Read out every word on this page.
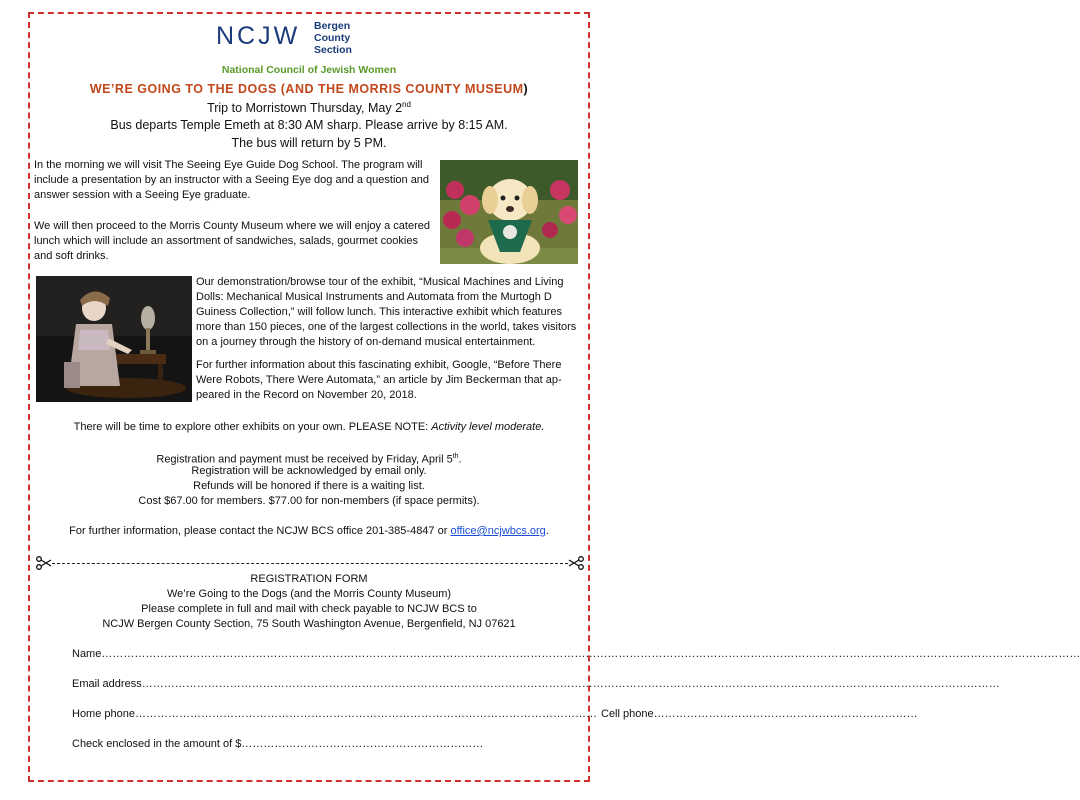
NCJW Bergen
County
Section
National Council of Jewish Women
WE’RE GOING TO THE DOGS (AND THE MORRIS COUNTY MUSEUM)
Trip to Morristown Thursday, May 2nd
Bus departs Temple Emeth at 8:30 AM sharp. Please arrive by 8:15 AM.
The bus will return by 5 PM.
In the morning we will visit The Seeing Eye Guide Dog School. The program will include a presentation by an instructor with a Seeing Eye dog and a question and answer session with a Seeing Eye graduate.
We will then proceed to the Morris County Museum where we will enjoy a catered lunch which will include an assortment of sandwiches, salads, gourmet cookies and soft drinks.
Our demonstration/browse tour of the exhibit, “Musical Machines and Living Dolls: Mechanical Musical Instruments and Automata from the Murtogh D Guiness Collection,” will follow lunch. This interactive exhibit which features more than 150 pieces, one of the largest collections in the world, takes visitors on a journey through the history of on-demand musical entertainment.
For further information about this fascinating exhibit, Google, “Before There Were Robots, There Were Automata,” an article by Jim Beckerman that ap-peared in the Record on November 20, 2018.
There will be time to explore other exhibits on your own. PLEASE NOTE: Activity level moderate.
Registration and payment must be received by Friday, April 5th.
Registration will be acknowledged by email only.
Refunds will be honored if there is a waiting list.
Cost $67.00 for members. $77.00 for non-members (if space permits).
For further information, please contact the NCJW BCS office 201-385-4847 or office@ncjwbcs.org.
REGISTRATION FORM
We’re Going to the Dogs (and the Morris County Museum)
Please complete in full and mail with check payable to NCJW BCS to
NCJW Bergen County Section, 75 South Washington Avenue, Bergenfield, NJ 07621
Name……………………………………………………………………………………………………………………………………………………………………………………………………………………………………………
Email address………………………………………………………………………………………………………………………………………………………………………………………………………………
Home phone……………………………………………………………………………………………………………… Cell phone………………………………………………………………
Check enclosed in the amount of $…………………………………………………………
